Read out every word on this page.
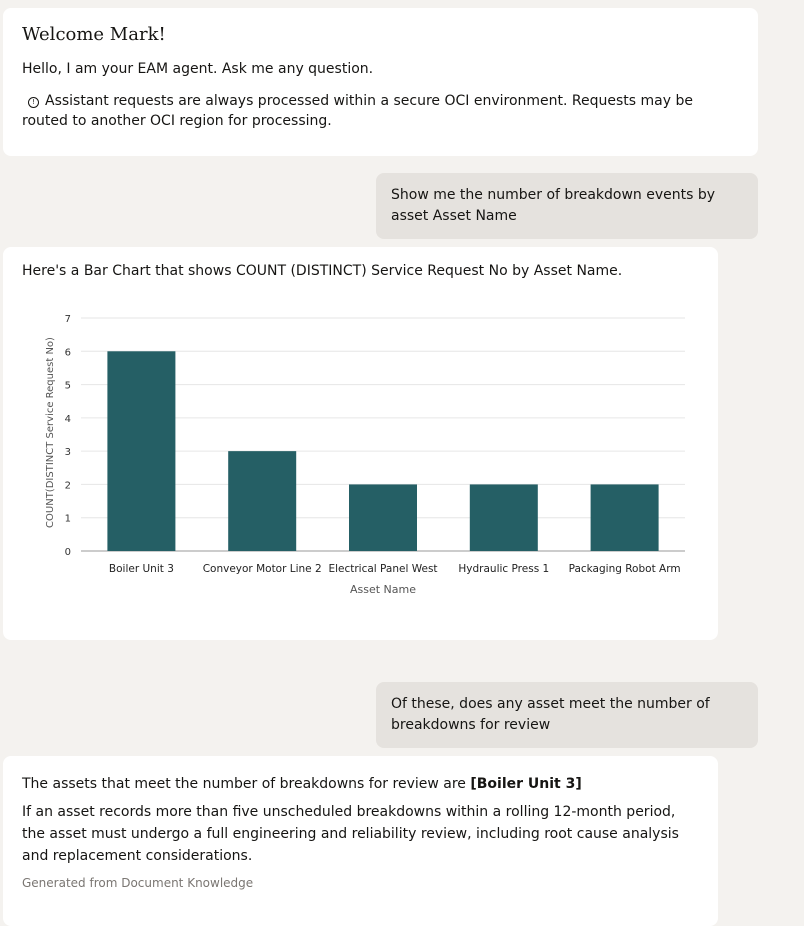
Welcome Mark!
Hello, I am your EAM agent. Ask me any question.
! Assistant requests are always processed within a secure OCI environment. Requests may be routed to another OCI region for processing.
Show me the number of breakdown events by asset Asset Name
Here's a Bar Chart that shows COUNT (DISTINCT) Service Request No by Asset Name.
0
1
2
3
4
5
6
7
Boiler Unit 3	Conveyor Motor Line 2 Electrical Panel West Hydraulic Press 1 Packaging Robot Arm
Asset Name
COUNT(DISTINCT Service Request No)
Of these, does any asset meet the number of breakdowns for review
The assets that meet the number of breakdowns for review are [Boiler Unit 3]
If an asset records more than five unscheduled breakdowns within a rolling 12-month period, the asset must undergo a full engineering and reliability review, including root cause analysis and replacement considerations.
Generated from Document Knowledge
